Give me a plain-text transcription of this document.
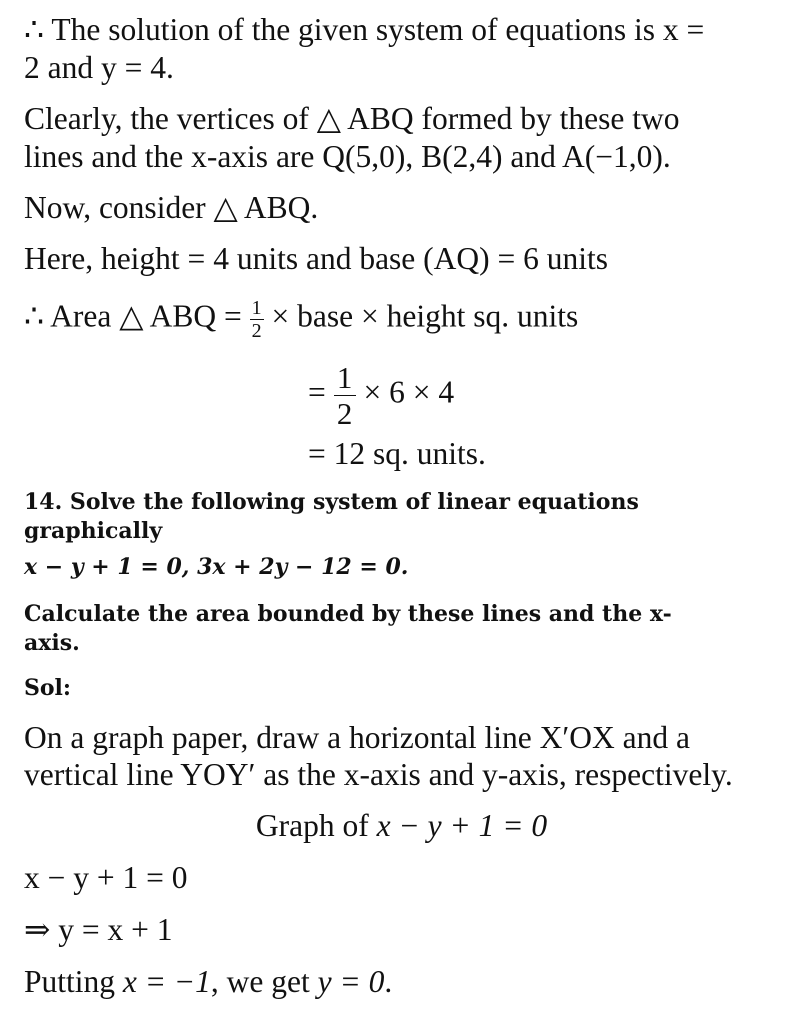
∴ The solution of the given system of equations is x =
2 and y = 4.
Clearly, the vertices of △ ABQ formed by these two
lines and the x-axis are Q(5,0), B(2,4) and A(−1,0).
Now, consider △ ABQ.
Here, height = 4 units and base (AQ) = 6 units
∴ Area △ ABQ = $\frac{1}{2}$ × base × height sq. units
= $\frac{1}{2} \times 6 \times 4$
= 12 sq. units.
14. Solve the following system of linear equations
graphically
x − y + 1 = 0, 3x + 2y − 12 = 0.
Calculate the area bounded by these lines and the x-
axis.
Sol:
On a graph paper, draw a horizontal line X′OX and a
vertical line YOY′ as the x-axis and y-axis, respectively.
Graph of x − y + 1 = 0
x − y + 1 = 0
⇒ y = x + 1
Putting x = −1, we get y = 0.
